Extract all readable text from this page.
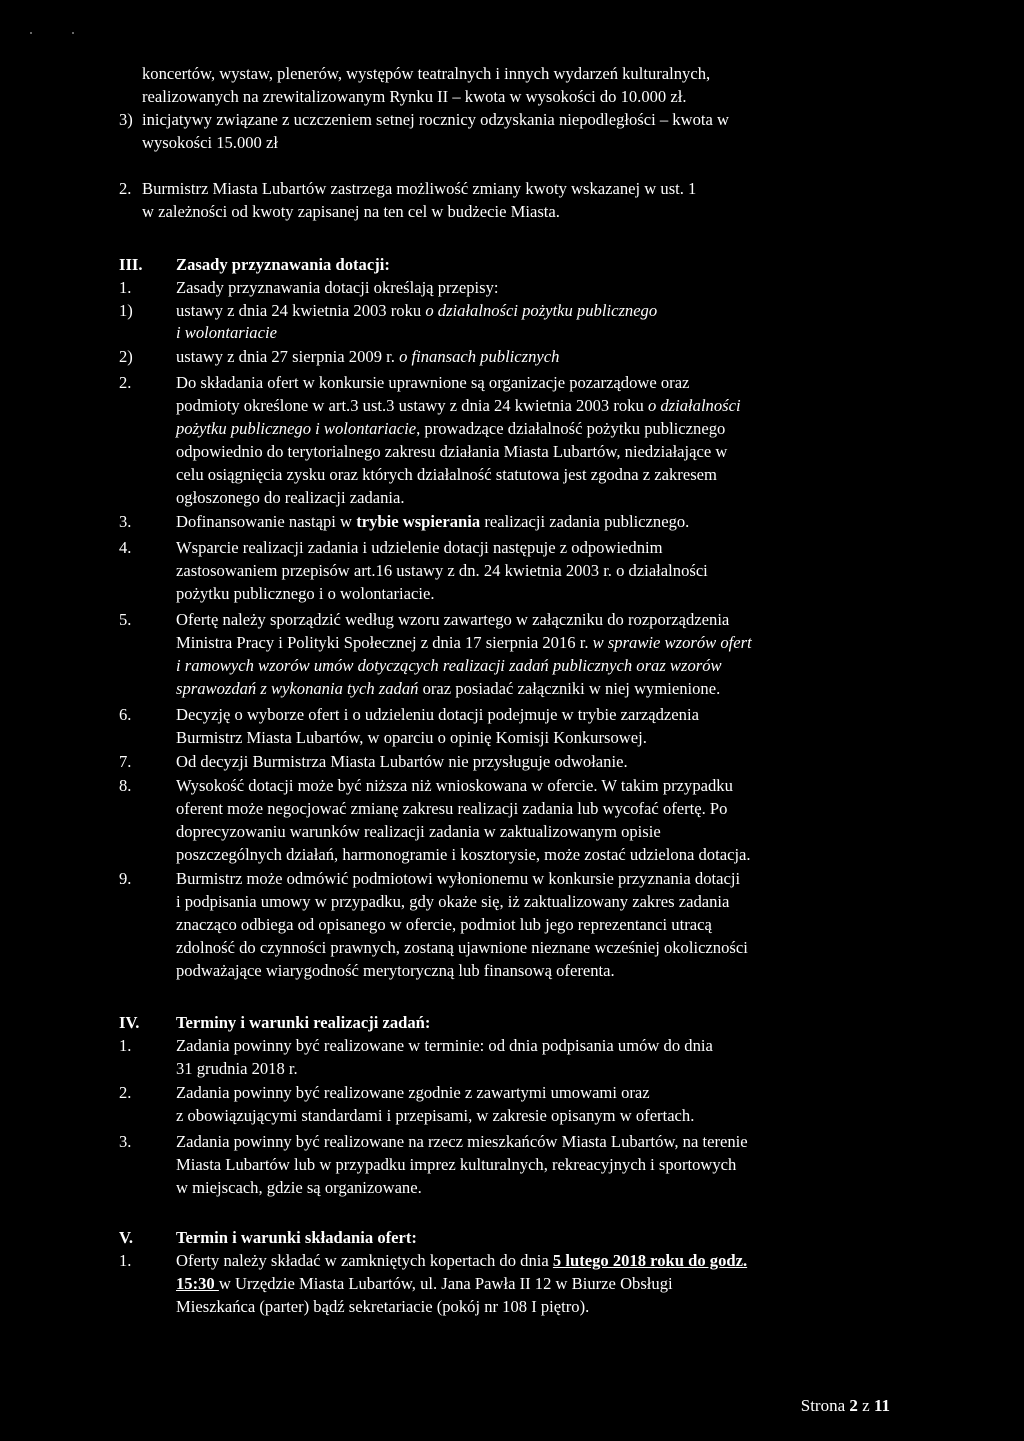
koncertów, wystaw, plenerów, występów teatralnych i innych wydarzeń kulturalnych,
realizowanych na zrewitalizowanym Rynku II – kwota w wysokości do 10.000 zł.
3) inicjatywy związane z uczczeniem setnej rocznicy odzyskania niepodległości – kwota w
wysokości 15.000 zł
2. Burmistrz Miasta Lubartów zastrzega możliwość zmiany kwoty wskazanej w ust. 1
w zależności od kwoty zapisanej na ten cel w budżecie Miasta.
III. Zasady przyznawania dotacji:
1.	Zasady przyznawania dotacji określają przepisy:
1)	ustawy z dnia 24 kwietnia 2003 roku o działalności pożytku publicznego
i wolontariacie
2)	ustawy z dnia 27 sierpnia 2009 r. o finansach publicznych
2.	Do składania ofert w konkursie uprawnione są organizacje pozarządowe oraz
podmioty określone w art.3 ust.3 ustawy z dnia 24 kwietnia 2003 roku o działalności
pożytku publicznego i wolontariacie, prowadzące działalność pożytku publicznego
odpowiednio do terytorialnego zakresu działania Miasta Lubartów, niedziałające w
celu osiągnięcia zysku oraz których działalność statutowa jest zgodna z zakresem
ogłoszonego do realizacji zadania.
3.	Dofinansowanie nastąpi w trybie wspierania realizacji zadania publicznego.
4.	Wsparcie realizacji zadania i udzielenie dotacji następuje z odpowiednim
zastosowaniem przepisów art.16 ustawy z dn. 24 kwietnia 2003 r. o działalności
pożytku publicznego i o wolontariacie.
5.	Ofertę należy sporządzić według wzoru zawartego w załączniku do rozporządzenia
Ministra Pracy i Polityki Społecznej z dnia 17 sierpnia 2016 r. w sprawie wzorów ofert
i ramowych wzorów umów dotyczących realizacji zadań publicznych oraz wzorów
sprawozdań z wykonania tych zadań oraz posiadać załączniki w niej wymienione.
6.	Decyzję o wyborze ofert i o udzieleniu dotacji podejmuje w trybie zarządzenia
Burmistrz Miasta Lubartów, w oparciu o opinię Komisji Konkursowej.
7.	Od decyzji Burmistrza Miasta Lubartów nie przysługuje odwołanie.
8.	Wysokość dotacji może być niższa niż wnioskowana w ofercie. W takim przypadku
oferent może negocjować zmianę zakresu realizacji zadania lub wycofać ofertę. Po
doprecyzowaniu warunków realizacji zadania w zaktualizowanym opisie
poszczególnych działań, harmonogramie i kosztorysie, może zostać udzielona dotacja.
9.	Burmistrz może odmówić podmiotowi wyłonionemu w konkursie przyznania dotacji
i podpisania umowy w przypadku, gdy okaże się, iż zaktualizowany zakres zadania
znacząco odbiega od opisanego w ofercie, podmiot lub jego reprezentanci utracą
zdolność do czynności prawnych, zostaną ujawnione nieznane wcześniej okoliczności
podważające wiarygodność merytoryczną lub finansową oferenta.
IV. Terminy i warunki realizacji zadań:
1.	Zadania powinny być realizowane w terminie: od dnia podpisania umów do dnia
31 grudnia 2018 r.
2.	Zadania powinny być realizowane zgodnie z zawartymi umowami oraz
z obowiązującymi standardami i przepisami, w zakresie opisanym w ofertach.
3.	Zadania powinny być realizowane na rzecz mieszkańców Miasta Lubartów, na terenie
Miasta Lubartów lub w przypadku imprez kulturalnych, rekreacyjnych i sportowych
w miejscach, gdzie są organizowane.
V.	Termin i warunki składania ofert:
1.	Oferty należy składać w zamkniętych kopertach do dnia 5 lutego 2018 roku do godz.
15:30 w Urzędzie Miasta Lubartów, ul. Jana Pawła II 12 w Biurze Obsługi
Mieszkańca (parter) bądź sekretariacie (pokój nr 108 I piętro).
Strona 2 z 11
